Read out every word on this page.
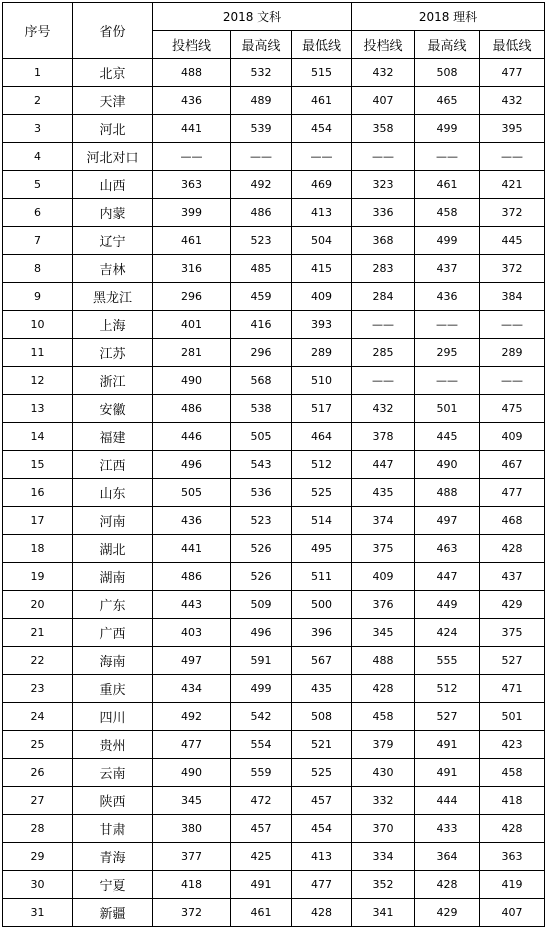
序号	省份	2018 文科			2018 理科		
		投档线	最高线	最低线	投档线	最高线	最低线
1	北京	488	532	515	432	508	477
2	天津	436	489	461	407	465	432
3	河北	441	539	454	358	499	395
4	河北对口	——	——	——	——	——	——
5	山西	363	492	469	323	461	421
6	内蒙	399	486	413	336	458	372
7	辽宁	461	523	504	368	499	445
8	吉林	316	485	415	283	437	372
9	黑龙江	296	459	409	284	436	384
10	上海	401	416	393	——	——	——
11	江苏	281	296	289	285	295	289
12	浙江	490	568	510	——	——	——
13	安徽	486	538	517	432	501	475
14	福建	446	505	464	378	445	409
15	江西	496	543	512	447	490	467
16	山东	505	536	525	435	488	477
17	河南	436	523	514	374	497	468
18	湖北	441	526	495	375	463	428
19	湖南	486	526	511	409	447	437
20	广东	443	509	500	376	449	429
21	广西	403	496	396	345	424	375
22	海南	497	591	567	488	555	527
23	重庆	434	499	435	428	512	471
24	四川	492	542	508	458	527	501
25	贵州	477	554	521	379	491	423
26	云南	490	559	525	430	491	458
27	陕西	345	472	457	332	444	418
28	甘肃	380	457	454	370	433	428
29	青海	377	425	413	334	364	363
30	宁夏	418	491	477	352	428	419
31	新疆	372	461	428	341	429	407
